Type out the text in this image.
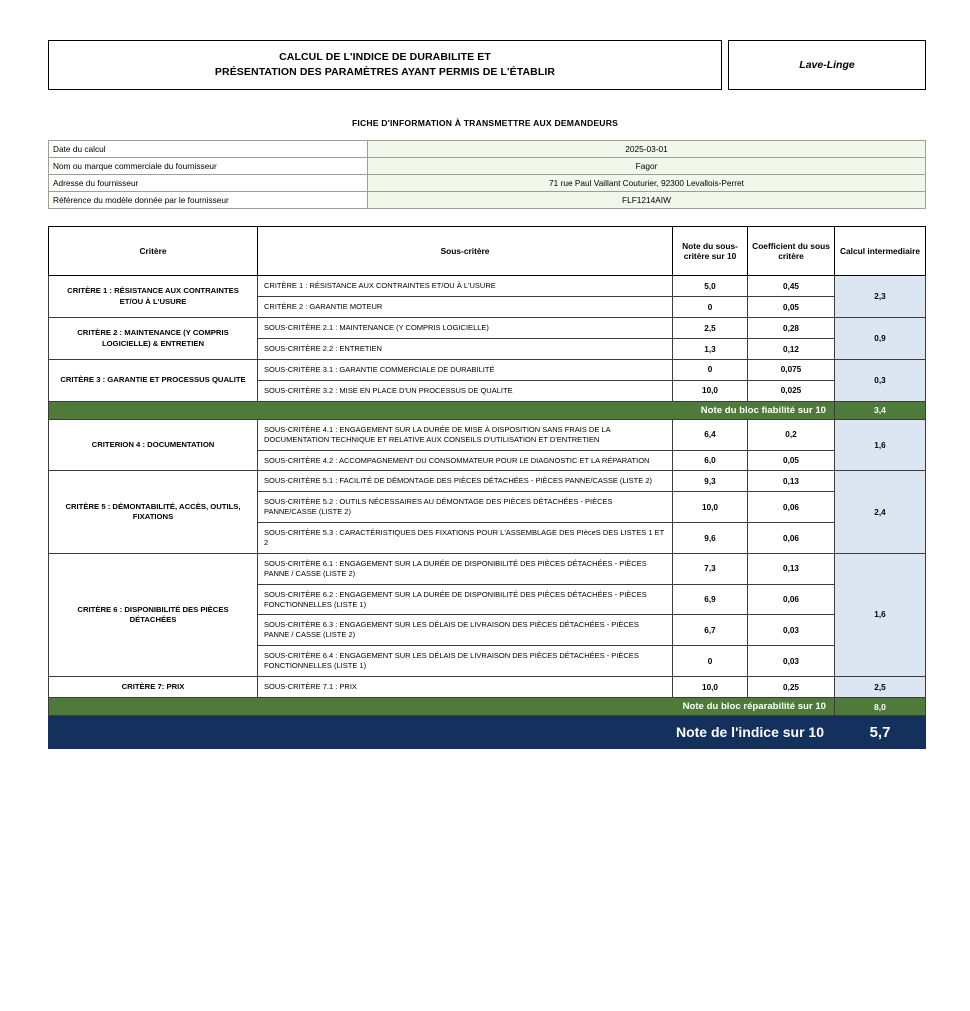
CALCUL DE L'INDICE DE DURABILITE ET
PRÉSENTATION DES PARAMÈTRES AYANT PERMIS DE L'ÉTABLIR
Lave-Linge
FICHE D'INFORMATION À TRANSMETTRE AUX DEMANDEURS
Date du calcul	2025-03-01
Nom ou marque commerciale du fournisseur	Fagor
Adresse du fournisseur	71 rue Paul Vaillant Couturier, 92300 Levallois-Perret
Référence du modèle donnée par le fournisseur	FLF1214AIW
Critère	Sous-critère	Note du sous-critère sur 10	Coefficient du sous critère	Calcul intermediaire
CRITÈRE 1 : RÉSISTANCE AUX CONTRAINTES ET/OU À L'USURE	CRITÈRE 1 : RÉSISTANCE AUX CONTRAINTES ET/OU À L'USURE	5,0	0,45	2,3
	CRITÈRE 2 : GARANTIE MOTEUR	0	0,05	
CRITÈRE 2 : MAINTENANCE (Y COMPRIS LOGICIELLE) & ENTRETIEN	SOUS-CRITÈRE 2.1 : MAINTENANCE (Y COMPRIS LOGICIELLE)	2,5	0,28	0,9
	SOUS-CRITÈRE 2.2 : ENTRETIEN	1,3	0,12	
CRITÈRE 3 : GARANTIE ET PROCESSUS QUALITE	SOUS-CRITÈRE 3.1 : GARANTIE COMMERCIALE DE DURABILITÉ	0	0,075	0,3
	SOUS-CRITÈRE 3.2 : MISE EN PLACE D'UN PROCESSUS DE QUALITE	10,0	0,025	
Note du bloc fiabilité sur 10				3,4
CRITERION 4 : DOCUMENTATION	SOUS-CRITÈRE 4.1 : ENGAGEMENT SUR LA DURÉE DE MISE À DISPOSITION SANS FRAIS DE LA DOCUMENTATION TECHNIQUE ET RELATIVE AUX CONSEILS D'UTILISATION ET D'ENTRETIEN	6,4	0,2	1,6
	SOUS-CRITÈRE 4.2 : ACCOMPAGNEMENT DU CONSOMMATEUR POUR LE DIAGNOSTIC ET LA RÉPARATION	6,0	0,05	
CRITÈRE 5 : DÉMONTABILITÉ, ACCÈS, OUTILS, FIXATIONS	SOUS-CRITÈRE 5.1 : FACILITÉ DE DÉMONTAGE DES PIÈCES DÉTACHÉES - PIÈCES PANNE/CASSE (LISTE 2)	9,3	0,13	2,4
	SOUS-CRITÈRE 5.2 : OUTILS NÉCESSAIRES AU DÉMONTAGE DES PIÈCES DÉTACHÉES - PIÈCES PANNE/CASSE (LISTE 2)	10,0	0,06	
	SOUS-CRITÈRE 5.3 : CARACTÉRISTIQUES DES FIXATIONS POUR L'ASSEMBLAGE DES PIèceS DES LISTES 1 ET 2	9,6	0,06	
CRITÈRE 6 : DISPONIBILITÉ DES PIÈCES DÉTACHÉES	SOUS-CRITÈRE 6.1 : ENGAGEMENT SUR LA DURÉE DE DISPONIBILITÉ DES PIÈCES DÉTACHÉES - PIÈCES PANNE / CASSE (LISTE 2)	7,3	0,13	1,6
	SOUS-CRITÈRE 6.2 : ENGAGEMENT SUR LA DURÉE DE DISPONIBILITÉ DES PIÈCES DÉTACHÉES - PIÈCES FONCTIONNELLES (LISTE 1)	6,9	0,06	
	SOUS-CRITÈRE 6.3 : ENGAGEMENT SUR LES DÉLAIS DE LIVRAISON DES PIÈCES DÉTACHÉES - PIÈCES PANNE / CASSE (LISTE 2)	6,7	0,03	
	SOUS-CRITÈRE 6.4 : ENGAGEMENT SUR LES DÉLAIS DE LIVRAISON DES PIÈCES DÉTACHÉES - PIÈCES FONCTIONNELLES (LISTE 1)	0	0,03	
CRITÈRE 7: PRIX	SOUS-CRITÈRE 7.1 : PRIX	10,0	0,25	2,5
Note du bloc réparabilité sur 10				8,0
Note de l'indice sur 10				5,7
